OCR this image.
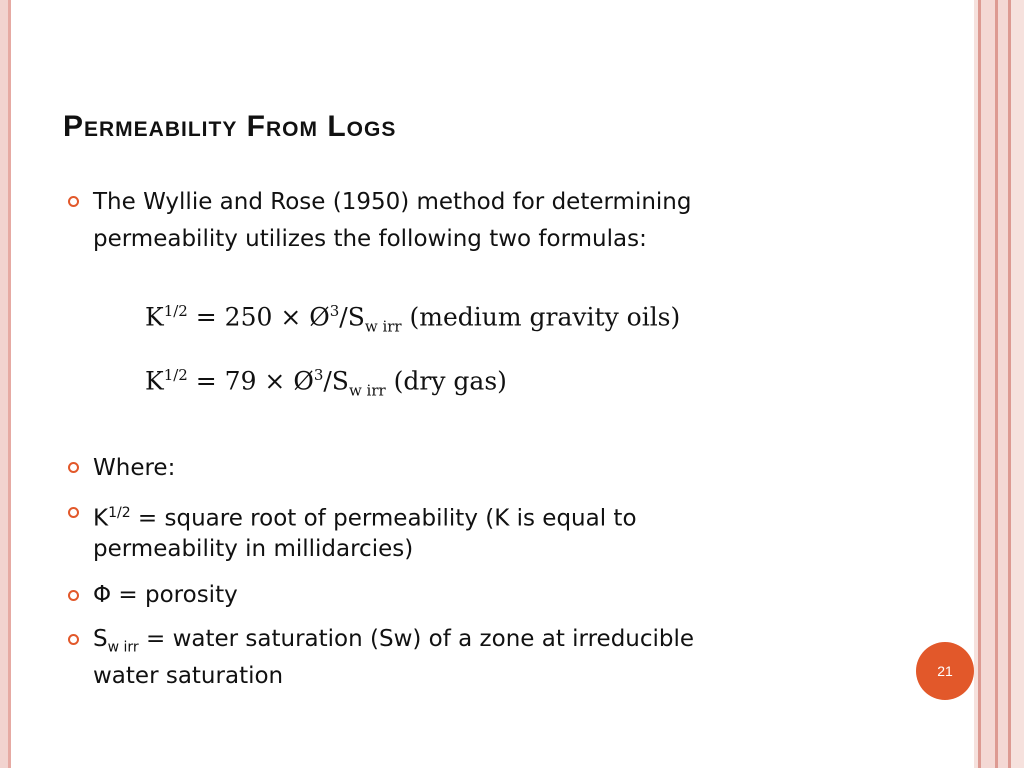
Permeability From Logs
The Wyllie and Rose (1950) method for determining
permeability utilizes the following two formulas:
$K^{1/2} = 250$ × $Ø^3/S_{w irr}$ (medium gravity oils)
$K^{1/2} = 79$ × $Ø^3/S_{w irr}$ (dry gas)
Where:
$K^{1/2}$ = square root of permeability (K is equal to
permeability in millidarcies)
Φ = porosity
$S_{w irr}$ = water saturation (Sw) of a zone at irreducible
water saturation	21
